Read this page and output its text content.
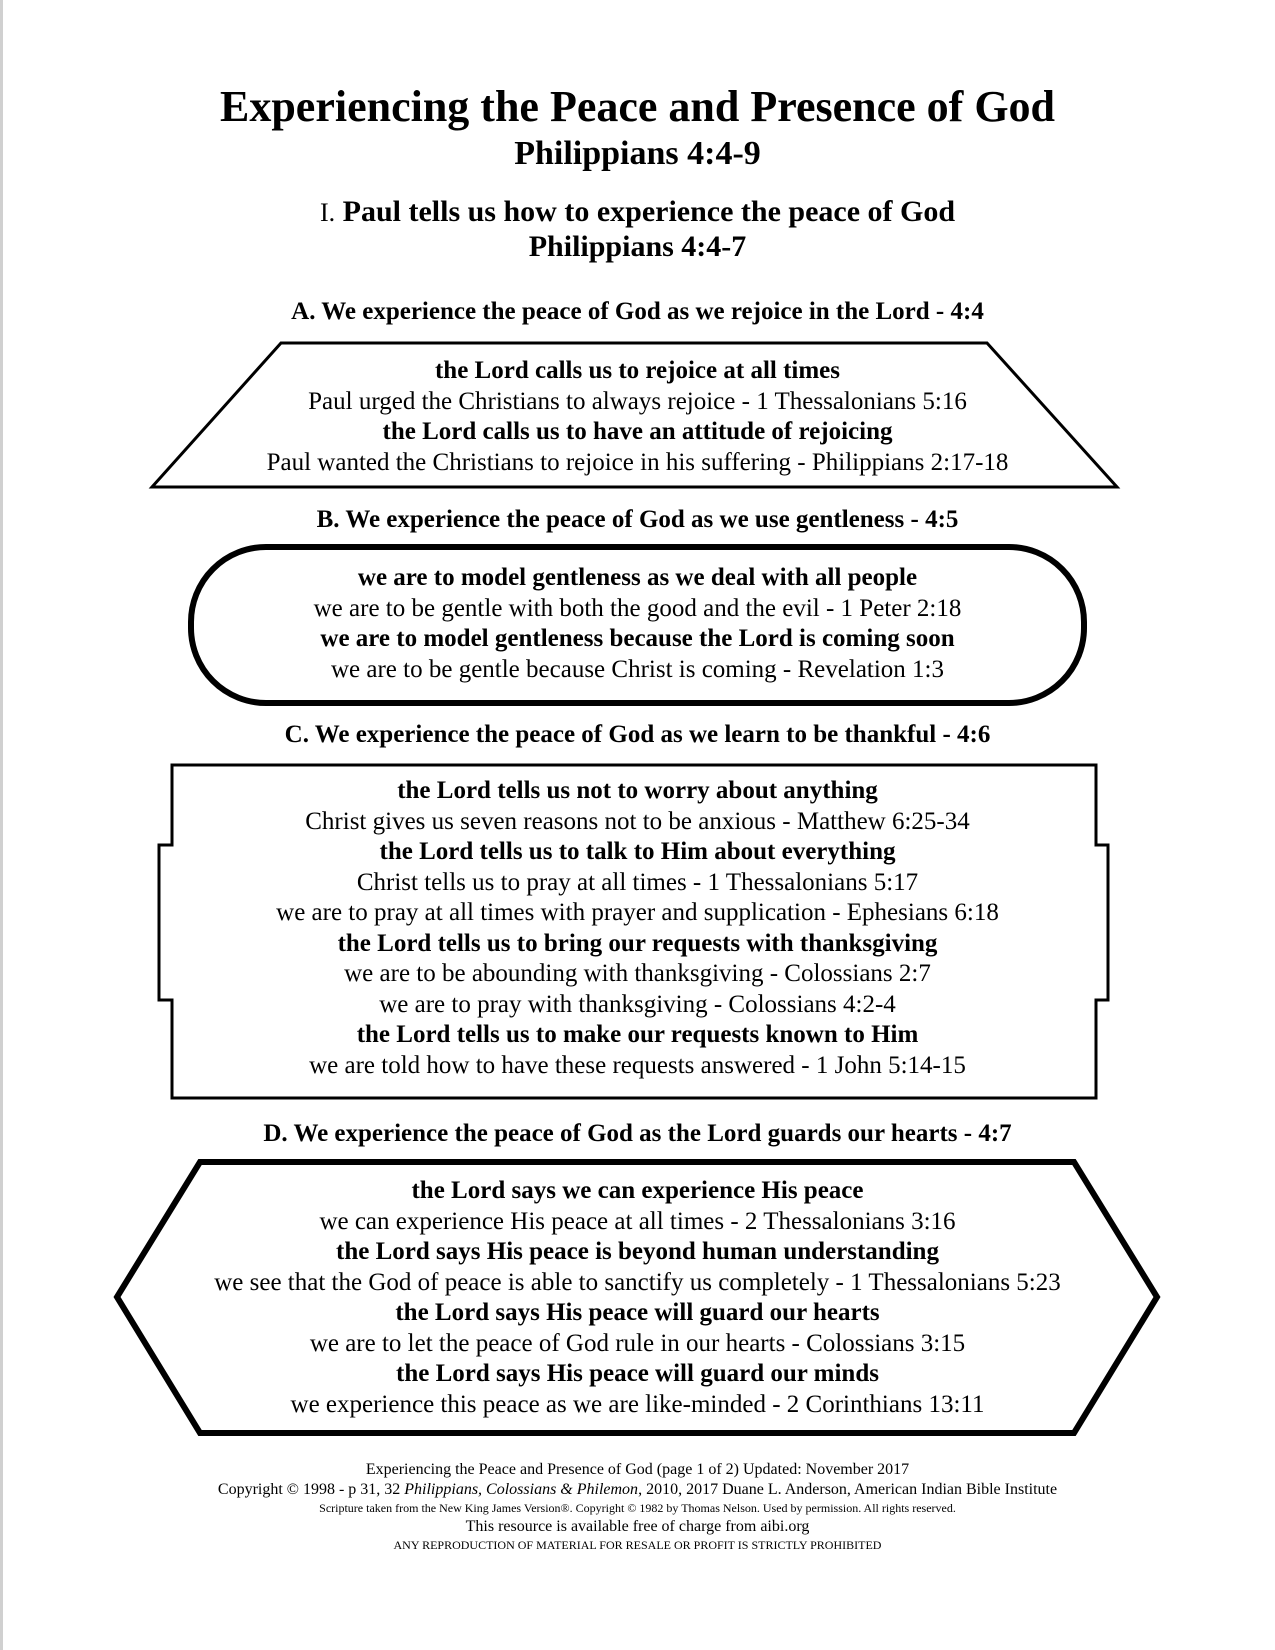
Experiencing the Peace and Presence of God
Philippians 4:4-9
I. Paul tells us how to experience the peace of God
Philippians 4:4-7
A. We experience the peace of God as we rejoice in the Lord - 4:4
the Lord calls us to rejoice at all times
Paul urged the Christians to always rejoice - 1 Thessalonians 5:16
the Lord calls us to have an attitude of rejoicing
Paul wanted the Christians to rejoice in his suffering - Philippians 2:17-18
B. We experience the peace of God as we use gentleness - 4:5
we are to model gentleness as we deal with all people
we are to be gentle with both the good and the evil - 1 Peter 2:18
we are to model gentleness because the Lord is coming soon
we are to be gentle because Christ is coming - Revelation 1:3
C. We experience the peace of God as we learn to be thankful - 4:6
the Lord tells us not to worry about anything
Christ gives us seven reasons not to be anxious - Matthew 6:25-34
the Lord tells us to talk to Him about everything
Christ tells us to pray at all times - 1 Thessalonians 5:17
we are to pray at all times with prayer and supplication - Ephesians 6:18
the Lord tells us to bring our requests with thanksgiving
we are to be abounding with thanksgiving - Colossians 2:7
we are to pray with thanksgiving - Colossians 4:2-4
the Lord tells us to make our requests known to Him
we are told how to have these requests answered - 1 John 5:14-15
D. We experience the peace of God as the Lord guards our hearts - 4:7
the Lord says we can experience His peace
we can experience His peace at all times - 2 Thessalonians 3:16
the Lord says His peace is beyond human understanding
we see that the God of peace is able to sanctify us completely - 1 Thessalonians 5:23
the Lord says His peace will guard our hearts
we are to let the peace of God rule in our hearts - Colossians 3:15
the Lord says His peace will guard our minds
we experience this peace as we are like-minded - 2 Corinthians 13:11
Experiencing the Peace and Presence of God (page 1 of 2) Updated: November 2017
Copyright © 1998 - p 31, 32 Philippians, Colossians & Philemon, 2010, 2017 Duane L. Anderson, American Indian Bible Institute
Scripture taken from the New King James Version®. Copyright © 1982 by Thomas Nelson. Used by permission. All rights reserved.
This resource is available free of charge from aibi.org
ANY REPRODUCTION OF MATERIAL FOR RESALE OR PROFIT IS STRICTLY PROHIBITED
